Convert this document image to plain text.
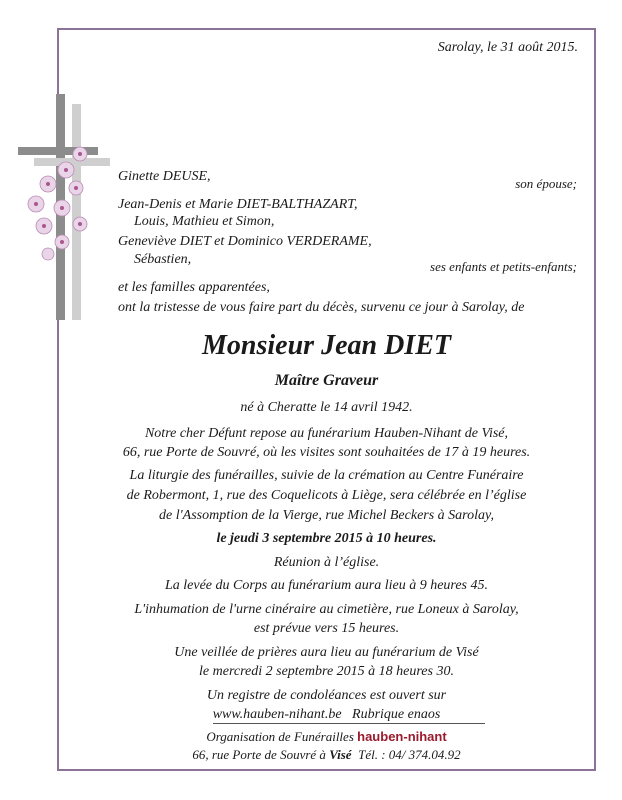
Sarolay, le 31 août 2015.
Ginette DEUSE,	son épouse;
Jean-Denis et Marie DIET-BALTHAZART,
Louis, Mathieu et Simon,
Geneviève DIET et Dominico VERDERAME,
Sébastien,	ses enfants et petits-enfants;
et les familles apparentées,
ont la tristesse de vous faire part du décès, survenu ce jour à Sarolay, de
Monsieur Jean DIET
Maître Graveur
né à Cheratte le 14 avril 1942.
Notre cher Défunt repose au funérarium Hauben-Nihant de Visé,
66, rue Porte de Souvré, où les visites sont souhaitées de 17 à 19 heures.
La liturgie des funérailles, suivie de la crémation au Centre Funéraire
de Robermont, 1, rue des Coquelicots à Liège, sera célébrée en l’église
de l'Assomption de la Vierge, rue Michel Beckers à Sarolay,
le jeudi 3 septembre 2015 à 10 heures.
Réunion à l’église.
La levée du Corps au funérarium aura lieu à 9 heures 45.
L'inhumation de l'urne cinéraire au cimetière, rue Loneux à Sarolay,
est prévue vers 15 heures.
Une veillée de prières aura lieu au funérarium de Visé
le mercredi 2 septembre 2015 à 18 heures 30.
Un registre de condoléances est ouvert sur
www.hauben-nihant.be   Rubrique enaos
Organisation de Funérailles hauben-nihant
66, rue Porte de Souvré à Visé Tél. : 04/ 374.04.92
